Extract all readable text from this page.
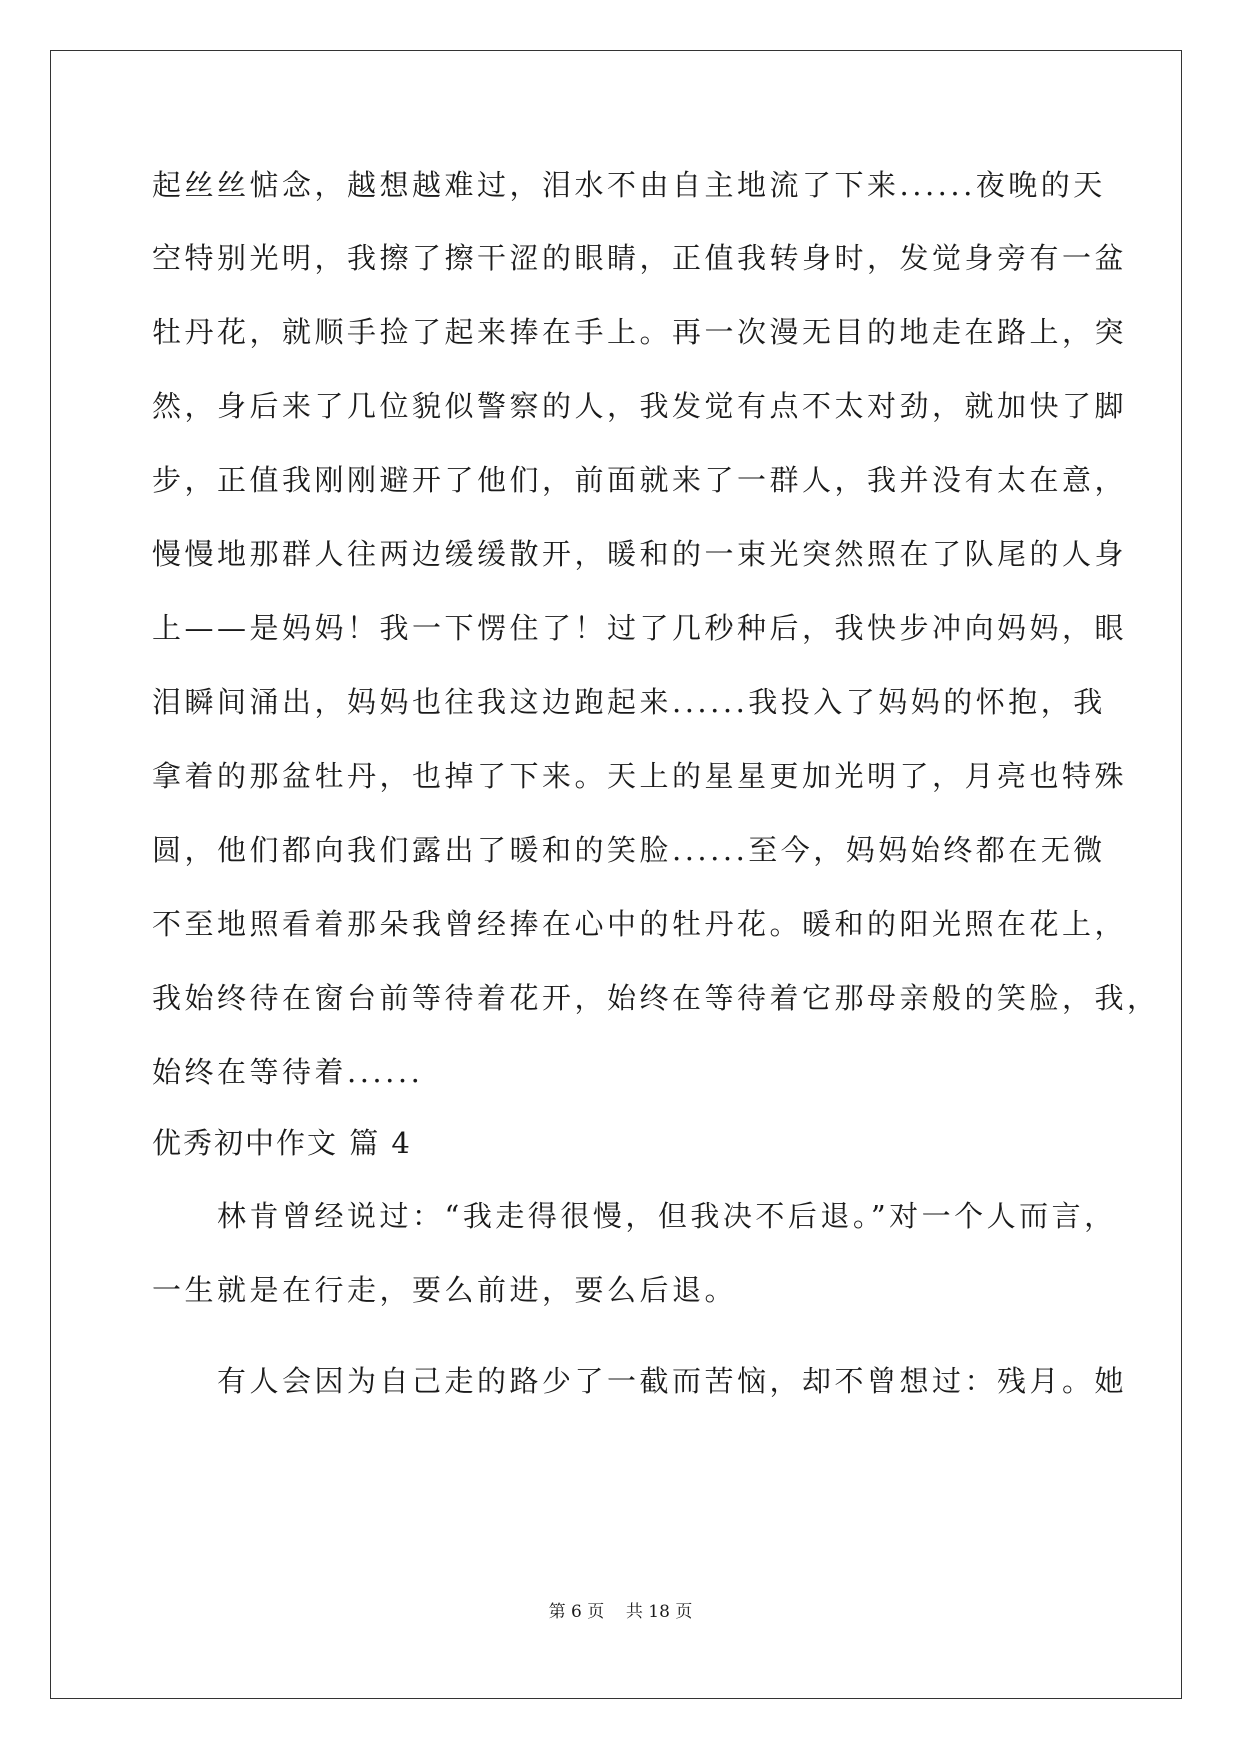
起丝丝惦念，越想越难过，泪水不由自主地流了下来......夜晚的天
空特别光明，我擦了擦干涩的眼睛，正值我转身时，发觉身旁有一盆
牡丹花，就顺手捡了起来捧在手上。再一次漫无目的地走在路上，突
然，身后来了几位貌似警察的人，我发觉有点不太对劲，就加快了脚
步，正值我刚刚避开了他们，前面就来了一群人，我并没有太在意，
慢慢地那群人往两边缓缓散开，暖和的一束光突然照在了队尾的人身
上——是妈妈！我一下愣住了！过了几秒种后，我快步冲向妈妈，眼
泪瞬间涌出，妈妈也往我这边跑起来......我投入了妈妈的怀抱，我
拿着的那盆牡丹，也掉了下来。天上的星星更加光明了，月亮也特殊
圆，他们都向我们露出了暖和的笑脸......至今，妈妈始终都在无微
不至地照看着那朵我曾经捧在心中的牡丹花。暖和的阳光照在花上，
我始终待在窗台前等待着花开，始终在等待着它那母亲般的笑脸，我，
始终在等待着......
优秀初中作文 篇 4
　　林肯曾经说过：“我走得很慢，但我决不后退。”对一个人而言，
一生就是在行走，要么前进，要么后退。
　　有人会因为自己走的路少了一截而苦恼，却不曾想过：残月。她
第 6 页    共 18 页
